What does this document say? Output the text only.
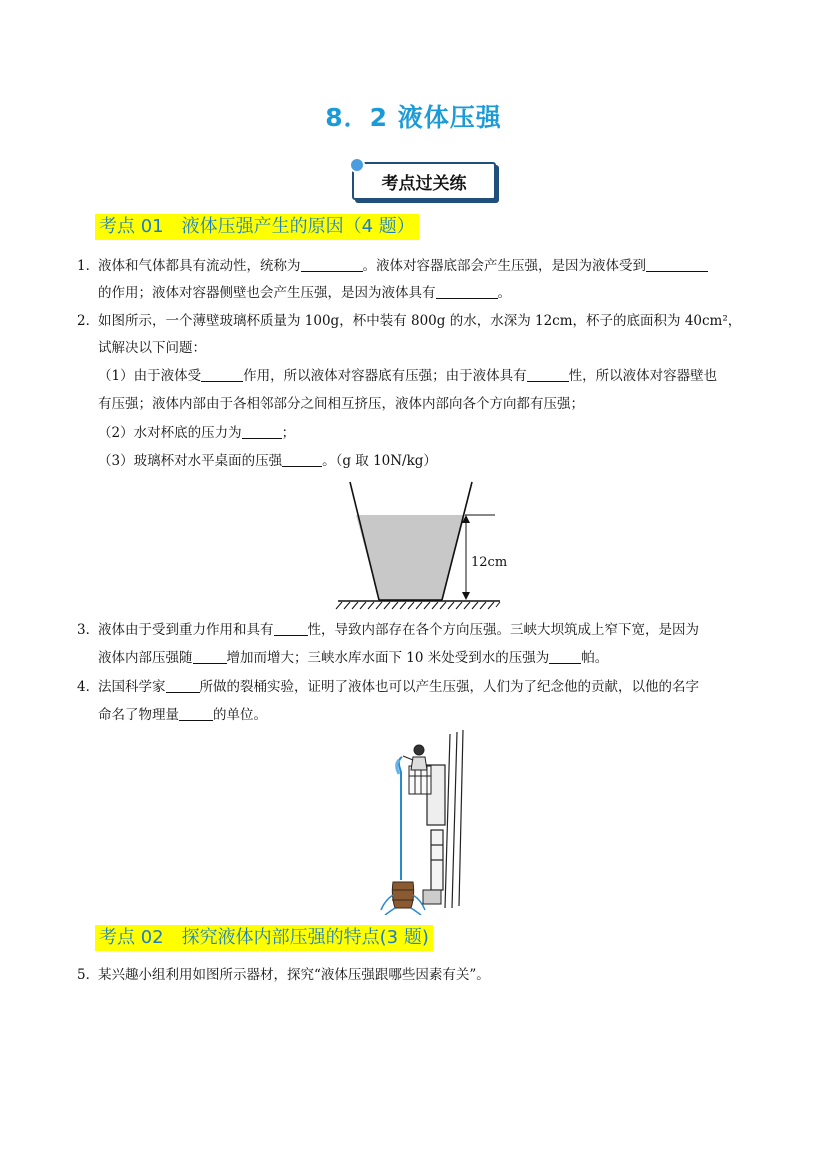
8．2 液体压强
考点过关练
考点 01　液体压强产生的原因（4 题）
1．
液体和气体都具有流动性，统称为	。液体对容器底部会产生压强，是因为液体受到
的作用；液体对容器侧壁也会产生压强，是因为液体具有	。
2．
如图所示，一个薄壁玻璃杯质量为 100g，杯中装有 800g 的水，水深为 12cm，杯子的底面积为 40cm²，
试解决以下问题：
（1）由于液体受	作用，所以液体对容器底有压强；由于液体具有	性，所以液体对容器壁也
有压强；液体内部由于各相邻部分之间相互挤压，液体内部向各个方向都有压强；
（2）水对杯底的压力为	；
（3）玻璃杯对水平桌面的压强	。（g 取 10N/kg）
12cm
3．
液体由于受到重力作用和具有	性，导致内部存在各个方向压强。三峡大坝筑成上窄下宽，是因为
液体内部压强随	增加而增大；三峡水库水面下 10 米处受到水的压强为 帕。
4．
法国科学家	所做的裂桶实验，证明了液体也可以产生压强，人们为了纪念他的贡献，以他的名字
命名了物理量	的单位。
考点 02　探究液体内部压强的特点(3 题)
5．
某兴趣小组利用如图所示器材，探究“液体压强跟哪些因素有关”。
